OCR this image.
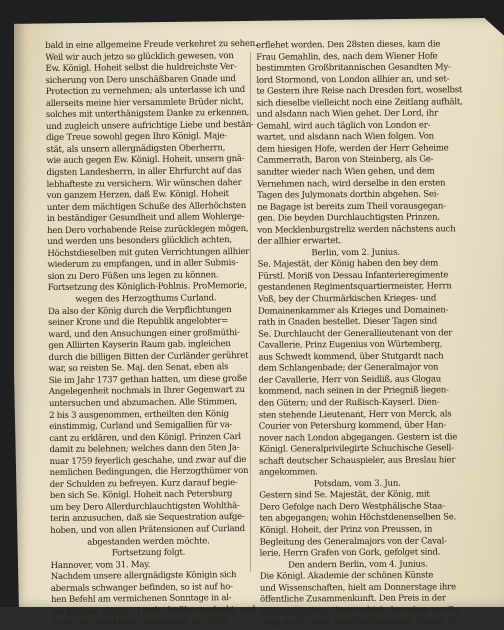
bald in eine allgemeine Freude verkehret zu sehen.
Weil wir auch jetzo so glücklich gewesen, von
Ew. Königl. Hoheit selbst die huldreichste Ver-
sicherung von Dero unschäßbaren Gnade und
Protection zu vernehmen; als unterlasse ich und
allerseits meine hier versammlete Brüder nicht,
solches mit unterthänigstem Danke zu erkennen,
und zugleich unsere aufrichtige Liebe und bestän-
dige Treue sowohl gegen Ihro Königl. Maje-
stät, als unsern allergnädigsten Oberherrn,
wie auch gegen Ew. Königl. Hoheit, unsern gnä-
digsten Landesherrn, in aller Ehrfurcht auf das
lebhafteste zu versichern. Wir wünschen daher
von ganzem Herzen, daß Ew. Königl. Hoheit
unter dem mächtigen Schuße des Allerhöchsten
in beständiger Gesundheit und allem Wohlerge-
hen Dero vorhabende Reise zurücklegen mögen,
und werden uns besonders glücklich achten,
Höchstdieselben mit guten Verrichtungen allhier
wiederum zu empfangen, und in aller Submis-
sion zu Dero Füßen uns legen zu können.
Fortsetzung des Königlich-Pohlnis. ProMemorie,
wegen des Herzogthums Curland.
Da also der König durch die Verpflichtungen
seiner Krone und die Republik angelobter=
ward, und den Ansuchungen einer großmüthi-
gen Alliirten Kayserin Raum gab, ingleichen
durch die billigen Bitten der Curländer gerühret
war, so reisten Se. Maj. den Senat, eben als
Sie im Jahr 1737 gethan hatten, um diese große
Angelegenheit nochmals in Ihrer Gegenwart zu
untersuchen und abzumachen. Alle Stimmen,
2 bis 3 ausgenommen, ertheilten den König
einstimmig, Curland und Semigallien für va-
cant zu erklären, und den Königl. Prinzen Carl
damit zu belehnen; welches dann den 5ten Ja-
nuar 1759 feyerlich geschahe, und zwar auf die
nemlichen Bedingungen, die Herzogthümer von
der Schulden zu befreyen. Kurz darauf begie-
ben sich Se. Königl. Hoheit nach Petersburg
um bey Dero Allerdurchlauchtigsten Wohlthä-
terin anzusuchen, daß sie Sequestration aufge-
hoben, und von allen Prätensionen auf Curland
abgestanden werden möchte.
Fortsetzung folgt.
Hannover, vom 31. May.
Nachdem unsere allergnädigste Königin sich
abermals schwanger befinden, so ist auf ho-
hen Befehl am vermichenen Sonntage in al-
len Kirchen hiesiger Lande darüber gedankt, und
Ihrer Maj. glückliche Entbindung von GOtt
erflehet worden. Den 28sten dieses, kam die
Frau Gemahlin, des, nach dem Wiener Hofe
bestimmten Großbritannischen Gesandten My-
lord Stormond, von London allhier an, und set-
te Gestern ihre Reise nach Dresden fort, woselbst
sich dieselbe vielleicht noch eine Zeitlang aufhält,
und alsdann nach Wien gehet. Der Lord, ihr
Gemahl, wird auch täglich von London er-
wartet, und alsdann nach Wien folgen. Von
dem hiesigen Hofe, werden der Herr Geheime
Cammerrath, Baron von Steinberg, als Ge-
sandter wieder nach Wien gehen, und dem
Vernehmen nach, wird derselbe in den ersten
Tagen des Julymonats dorthin abgehen. Sei-
ne Bagage ist bereits zum Theil vorausgegan-
gen. Die beyden Durchlauchtigsten Prinzen,
von Mecklenburgstreliz werden nächstens auch
der allhier erwartet.
Berlin, vom 2. Junius.
Se. Majestät, der König haben den bey dem
Fürstl. Moriß von Dessau Infanterieregimente
gestandenen Regimentsquartiermeister, Herrn
Voß, bey der Churmärkischen Krieges- und
Domainenkammer als Krieges und Domainen-
rath in Gnaden bestellet. Dieser Tagen sind
Se. Durchlaucht der Generallieutenant von der
Cavallerie, Prinz Eugenius von Würtemberg,
aus Schwedt kommend, über Stutgardt nach
dem Schlangenbade; der Generalmajor von
der Cavallerie, Herr von Seidliß, aus Glogau
kommend, nach seinen in der Priegniß liegen-
den Gütern; und der Rußisch-Kayserl. Dien-
sten stehende Lieutenant, Herr von Merck, als
Courier von Petersburg kommend, über Han-
nover nach London abgegangen. Gestern ist die
Königl. Generalprivilegirte Schuchische Gesell-
schaft deutscher Schauspieler, aus Breslau hier
angekommen.
Potsdam, vom 3. Jun.
Gestern sind Se. Majestät, der König, mit
Dero Gefolge nach Dero Westphälische Staa-
ten abgegangen; wohin Höchstdenenselben Se.
Königl. Hoheit, der Prinz von Preussen, in
Begleitung des Generalmajors von der Caval-
lerie, Herrn Grafen von Gork, gefolget sind.
Den andern Berlin, vom 4. Junius.
Die Königl. Akademie der schönen Künste
und Wissenschaften, hielt am Donnerstage ihre
öffentliche Zusammenkunft. Den Preis in der
philosophischen Classe erhielt der schon vor Ge-
nüge durch seine Schriften bekannte hiesige Ju-
